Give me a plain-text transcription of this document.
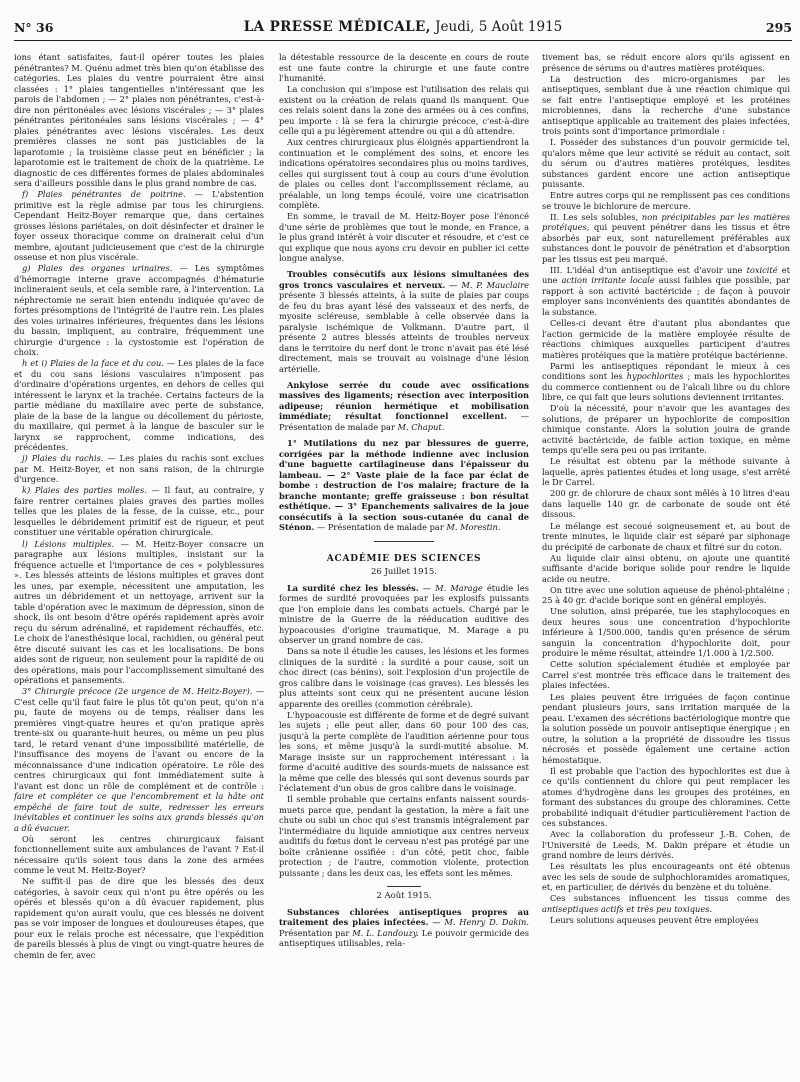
N° 36	LA PRESSE MÉDICALE, Jeudi, 5 Août 1915	295

ions étant satisfaites, faut-il opérer toutes les plaies pénétrantes? M. Quénu admet très bien qu'on établisse des catégories. Les plaies du ventre pourraient être ainsi classées : 1° plaies tangentielles n'intéressant que les parois de l'abdomen ; — 2° plaies non pénétrantes, c'est-à-dire non péritonéales avec lésions viscérales ; — 3° plaies pénétrantes péritonéales sans lésions viscérales ; — 4° plaies pénétrantes avec lésions viscérales. Les deux premières classes ne sont pas justiciables de la laparotomie ; la troisième classe peut en bénéficier ; la laparotomie est le traitement de choix de la quatrième. Le diagnostic de ces différentes formes de plaies abdominales sera d'ailleurs possible dans le plus grand nombre de cas.

f) Plaies pénétrantes de poitrine. — L'abstention primitive est la règle admise par tous les chirurgiens. Cependant Heitz-Boyer remarque que, dans certaines grosses lésions pariétales, on doit désinfecter et drainer le foyer osseux thoracique comme on drainerait celui d'un membre, ajoutant judicieusement que c'est de la chirurgie osseuse et non plus viscérale.

g) Plaies des organes urinaires. — Les symptômes d'hémorragie interne grave accompagnés d'hématurie inclineraient seuls, et cela semble rare, à l'intervention. La néphrectomie ne serait bien entendu indiquée qu'avec de fortes présomptions de l'intégrité de l'autre rein. Les plaies des voies urinaires inférieures, fréquentes dans les lésions du bassin, impliquent, au contraire, fréquemment une chirurgie d'urgence : la cystostomie est l'opération de choix.

h et i) Plaies de la face et du cou. — Les plaies de la face et du cou sans lésions vasculaires n'imposent pas d'ordinaire d'opérations urgentes, en dehors de celles qui intéressent le larynx et la trachée. Certains facteurs de la partie médiane du maxillaire avec perte de substance, plaie de la base de la langue ou décollement du périoste, du maxillaire, qui permet à la langue de basculer sur le larynx se rapprochent, comme indications, des précédentes.

j) Plaies du rachis. — Les plaies du rachis sont exclues par M. Heitz-Boyer, et non sans raison, de la chirurgie d'urgence.

k) Plaies des parties molles. — Il faut, au contraire, y faire rentrer certaines plaies graves des parties molles telles que les plaies de la fesse, de la cuisse, etc., pour lesquelles le débridement primitif est de rigueur, et peut constituer une véritable opération chirurgicale.

l) Lésions multiples. — M. Heitz-Boyer consacre un paragraphe aux lésions multiples, insistant sur la fréquence actuelle et l'importance de ces « polyblessures ». Les blessés atteints de lésions multiples et graves dont les unes, par exemple, nécessitent une amputation, les autres un débridement et un nettoyage, arrivent sur la table d'opération avec le maximum de dépression, sinon de shock, ils ont besoin d'être opérés rapidement après avoir reçu du sérum adrénaliné, et rapidement réchauffés, etc. Le choix de l'anesthésique local, rachidien, ou général peut être discuté suivant les cas et les localisations. De bons aides sont de rigueur, non seulement pour la rapidité de ou des opérations, mais pour l'accomplissement simultané des opérations et pansements.

3° Chirurgie précoce (2e urgence de M. Heitz-Boyer). — C'est celle qu'il faut faire le plus tôt qu'on peut, qu'on n'a pu, faute de moyens ou de temps, réaliser dans les premières vingt-quatre heures et qu'on pratique après trente-six ou quarante-huit heures, ou même un peu plus tard, le retard venant d'une impossibilité matérielle, de l'insuffisance des moyens de l'avant ou encore de la méconnaissance d'une indication opératoire. Le rôle des centres chirurgicaux qui font immédiatement suite à l'avant est donc un rôle de complément et de contrôle : faire et compléter ce que l'encombrement et la hâte ont empêché de faire tout de suite, redresser les erreurs inévitables et continuer les soins aux grands blessés qu'on a dû évacuer.

Où seront les centres chirurgicaux faisant fonctionnellement suite aux ambulances de l'avant ? Est-il nécessaire qu'ils soient tous dans la zone des armées comme le veut M. Heitz-Boyer?

Ne suffit-il pas de dire que les blessés des deux catégories, à savoir ceux qui n'ont pu être opérés ou les opérés et blessés qu'on a dû évacuer rapidement, plus rapidement qu'on aurait voulu, que ces blessés ne doivent pas se voir imposer de longues et douloureuses étapes, que pour eux le relais proche est nécessaire, que l'expédition de pareils blessés à plus de vingt ou vingt-quatre heures de chemin de fer, avec

la détestable ressource de la descente en cours de route est une faute contre la chirurgie et une faute contre l'humanité.

La conclusion qui s'impose est l'utilisation des relais qui existent ou la création de relais quand ils manquent. Que ces relais soient dans la zone des armées ou à ces confins, peu importe : là se fera la chirurgie précoce, c'est-à-dire celle qui a pu légèrement attendre ou qui a dû attendre.

Aux centres chirurgicaux plus éloignés appartiendront la continuation et le complément des soins, et encore les indications opératoires secondaires plus ou moins tardives, celles qui surgissent tout à coup au cours d'une évolution de plaies ou celles dont l'accomplissement réclame, au préalable, un long temps écoulé, voire une cicatrisation complète.

En somme, le travail de M. Heitz-Boyer pose l'énoncé d'une série de problèmes que tout le monde, en France, a le plus grand intérêt à voir discuter et résoudre, et c'est ce qui explique que nous ayons cru devoir en publier ici cette longue analyse.

Troubles consécutifs aux lésions simultanées des gros troncs vasculaires et nerveux. — M. P. Mauclaire présente 3 blessés atteints, à la suite de plaies par coups de feu du bras ayant lésé des vaisseaux et des nerfs, de myosite scléreuse, semblable à celle observée dans la paralysie ischémique de Volkmann. D'autre part, il présente 2 autres blessés atteints de troubles nerveux dans le territoire du nerf dont le tronc n'avait pas été lésé directement, mais se trouvait au voisinage d'une lésion artérielle.

Ankylose serrée du coude avec ossifications massives des ligaments; résection avec interposition adipeuse; réunion hermétique et mobilisation immédiate; résultat fonctionnel excellent. — Présentation de malade par M. Chaput.

1° Mutilations du nez par blessures de guerre, corrigées par la méthode indienne avec inclusion d'une baguette cartilagineuse dans l'épaisseur du lambeau. — 2° Vaste plaie de la face par éclat de bombe : destruction de l'os malaire; fracture de la branche montante; greffe graisseuse : bon résultat esthétique. — 3° Epanchements salivaires de la joue consécutifs à la section sous-cutanée du canal de Sténon. — Présentation de malade par M. Morestin.

ACADÉMIE DES SCIENCES
26 Juillet 1915.

La surdité chez les blessés. — M. Marage étudie les formes de surdité provoquées par les explosifs puissants que l'on emploie dans les combats actuels. Chargé par le ministre de la Guerre de la rééducation auditive des hypoacousies d'origine traumatique, M. Marage a pu observer un grand nombre de cas.

Dans sa note il étudie les causes, les lésions et les formes cliniques de la surdité : la surdité a pour cause, soit un choc direct (cas bénins), soit l'explosion d'un projectile de gros calibre dans le voisinage (cas graves). Les blessés les plus atteints sont ceux qui ne présentent aucune lésion apparente des oreilles (commotion cérébrale).

L'hypoacousie est différente de forme et de degré suivant les sujets ; elle peut aller, dans 60 pour 100 des cas, jusqu'à la perte complète de l'audition aérienne pour tous les sons, et même jusqu'à la surdi-mutité absolue. M. Marage insiste sur un rapprochement intéressant : la forme d'acuité auditive des sourds-muets de naissance est la même que celle des blessés qui sont devenus sourds par l'éclatement d'un obus de gros calibre dans le voisinage.

Il semble probable que certains enfants naissent sourds-muets parce que, pendant la gestation, la mère a fait une chute ou subi un choc qui s'est transmis intégralement par l'intermédiaire du liquide amniotique aux centres nerveux auditifs du fœtus dont le cerveau n'est pas protégé par une boîte crânienne ossifiée : d'un côté, petit choc, faible protection ; de l'autre, commotion violente, protection puissante ; dans les deux cas, les effets sont les mêmes.

2 Août 1915.

Substances chlorées antiseptiques propres au traitement des plaies infectées. — M. Henry D. Dakin. Présentation par M. L. Landouzy. Le pouvoir germicide des antiseptiques utilisables, rela-

tivement bas, se réduit encore alors qu'ils agissent en présence de sérums ou d'autres matières protéiques.

La destruction des micro-organismes par les antiseptiques, semblant due à une réaction chimique qui se fait entre l'antiseptique employé et les protéines microbiennes, dans la recherche d'une substance antiseptique applicable au traitement des plaies infectées, trois points sont d'importance primordiale :

I. Posséder des substances d'un pouvoir germicide tel, qu'alors même que leur activité se réduit au contact, soit du sérum ou d'autres matières protéiques, lesdites substances gardent encore une action antiseptique puissante.

Entre autres corps qui ne remplissent pas ces conditions se trouve le bichlorure de mercure.

II. Les sels solubles, non précipitables par les matières protéiques, qui peuvent pénétrer dans les tissus et être absorbés par eux, sont naturellement préférables aux substances dont le pouvoir de pénétration et d'absorption par les tissus est peu marqué.

III. L'idéal d'un antiseptique est d'avoir une toxicité et une action irritante locale aussi faibles que possible, par rapport à son activité bactéricide ; de façon à pouvoir employer sans inconvénients des quantités abondantes de la substance.

Celles-ci devant être d'autant plus abondantes que l'action germicide de la matière employée résulte de réactions chimiques auxquelles participent d'autres matières protéiques que la matière protéique bactérienne.

Parmi les antiseptiques répondant le mieux à ces conditions sont les hypochlorites ; mais les hypochlorites du commerce contiennent ou de l'alcali libre ou du chlore libre, ce qui fait que leurs solutions deviennent irritantes.

D'où la nécessité, pour n'avoir que les avantages des solutions, de préparer un hypochlorite de composition chimique constante. Alors la solution jouira de grande activité bactéricide, de faible action toxique, en même temps qu'elle sera peu ou pas irritante.

Le résultat est obtenu par la méthode suivante à laquelle, après patientes études et long usage, s'est arrêté le Dr Carrel.

200 gr. de chlorure de chaux sont mêlés à 10 litres d'eau dans laquelle 140 gr. de carbonate de soude ont été dissous.

Le mélange est secoué soigneusement et, au bout de trente minutes, le liquide clair est séparé par siphonage du précipité de carbonate de chaux et filtré sur du coton.

Au liquide clair ainsi obtenu, on ajoute une quantité suffisante d'acide borique solide pour rendre le liquide acide ou neutre.

On titre avec une solution aqueuse de phénol-phtaléine ; 25 à 40 gr. d'acide borique sont en général employés.

Une solution, ainsi préparée, tue les staphylocoques en deux heures sous une concentration d'hypochlorite inférieure à 1/500.000, tandis qu'en présence de sérum sanguin la concentration d'hypochlorite doit, pour produire le même résultat, atteindre 1/1.000 à 1/2.500.

Cette solution spécialement étudiée et employée par Carrel s'est montrée très efficace dans le traitement des plaies infectées.

Les plaies peuvent être irriguées de façon continue pendant plusieurs jours, sans irritation marquée de la peau. L'examen des sécrétions bactériologique montre que la solution possède un pouvoir antiseptique énergique ; en outre, la solution a la propriété de dissoudre les tissus nécrosés et possède également une certaine action hémostatique.

Il est probable que l'action des hypochlorites est due à ce qu'ils contiennent du chlore qui peut remplacer les atomes d'hydrogène dans les groupes des protéines, en formant des substances du groupe des chloramines. Cette probabilité indiquait d'étudier particulièrement l'action de ces substances.

Avec la collaboration du professeur J.-B. Cohen, de l'Université de Leeds, M. Dakin prépare et étudie un grand nombre de leurs dérivés.

Les résultats les plus encourageants ont été obtenus avec les sels de soude de sulphochloramides aromatiques, et, en particulier, de dérivés du benzène et du toluène.

Ces substances influencent les tissus comme des antiseptiques actifs et très peu toxiques.

Leurs solutions aqueuses peuvent être employées
